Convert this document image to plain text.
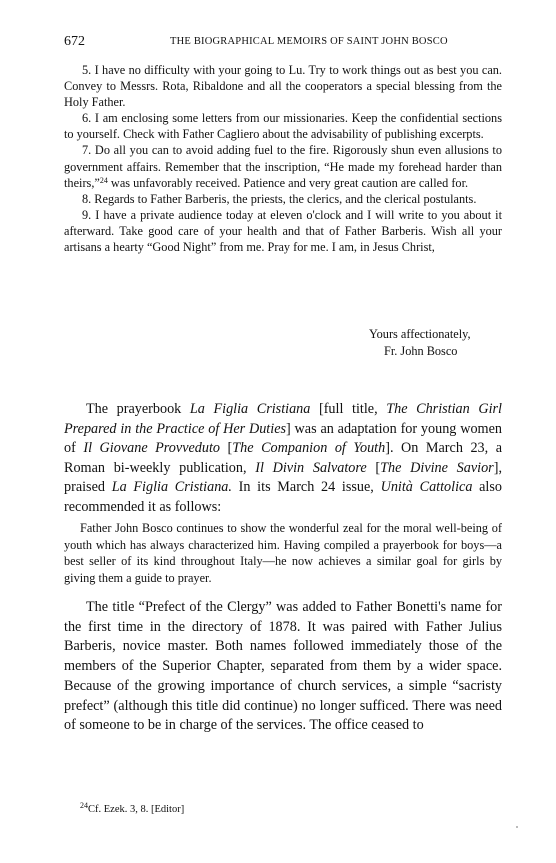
672	THE BIOGRAPHICAL MEMOIRS OF SAINT JOHN BOSCO

5. I have no difficulty with your going to Lu. Try to work things out as best you can. Convey to Messrs. Rota, Ribaldone and all the cooperators a special blessing from the Holy Father.

6. I am enclosing some letters from our missionaries. Keep the confidential sections to yourself. Check with Father Cagliero about the advisability of publishing excerpts.

7. Do all you can to avoid adding fuel to the fire. Rigorously shun even allusions to government affairs. Remember that the inscription, “He made my forehead harder than theirs,”$^{24}$ was unfavorably received. Patience and very great caution are called for.

8. Regards to Father Barberis, the priests, the clerics, and the clerical postulants.

9. I have a private audience today at eleven o'clock and I will write to you about it afterward. Take good care of your health and that of Father Barberis. Wish all your artisans a hearty “Good Night” from me. Pray for me. I am, in Jesus Christ,

Yours affectionately,
Fr. John Bosco

The prayerbook La Figlia Cristiana [full title, The Christian Girl Prepared in the Practice of Her Duties] was an adaptation for young women of Il Giovane Provveduto [The Companion of Youth]. On March 23, a Roman bi-weekly publication, Il Divin Salvatore [The Divine Savior], praised La Figlia Cristiana. In its March 24 issue, Unità Cattolica also recommended it as follows:

Father John Bosco continues to show the wonderful zeal for the moral well-being of youth which has always characterized him. Having compiled a prayerbook for boys—a best seller of its kind throughout Italy—he now achieves a similar goal for girls by giving them a guide to prayer.

The title “Prefect of the Clergy” was added to Father Bonetti's name for the first time in the directory of 1878. It was paired with Father Julius Barberis, novice master. Both names followed immediately those of the members of the Superior Chapter, separated from them by a wider space. Because of the growing importance of church services, a simple “sacristy prefect” (although this title did continue) no longer sufficed. There was need of someone to be in charge of the services. The office ceased to

$^{24}$Cf. Ezek. 3, 8. [Editor]
